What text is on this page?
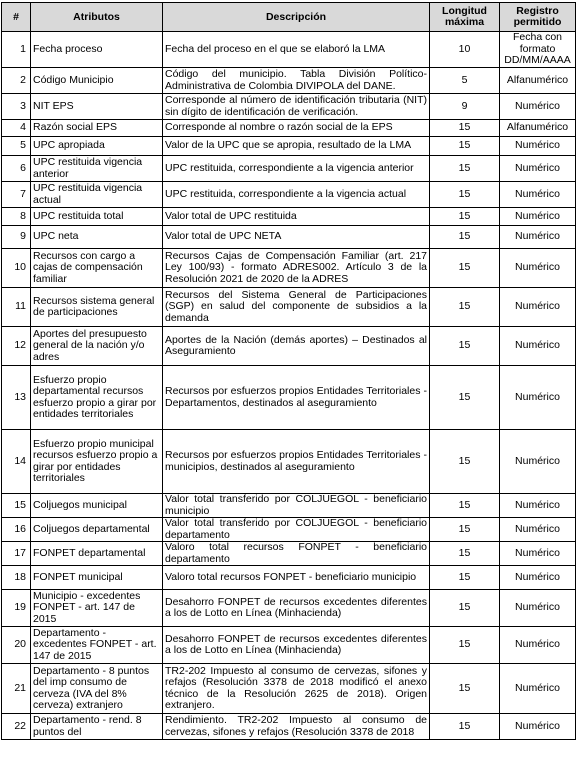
#	Atributos	Descripción	Longitud máxima	Registro permitido
1	Fecha proceso	Fecha del proceso en el que se elaboró la LMA	10	Fecha con formato DD/MM/AAAA
2	Código Municipio	Código del municipio. Tabla División Político-Administrativa de Colombia DIVIPOLA del DANE.	5	Alfanumérico
3	NIT EPS	Corresponde al número de identificación tributaria (NIT) sin dígito de identificación de verificación.	9	Numérico
4	Razón social EPS	Corresponde al nombre o razón social de la EPS	15	Alfanumérico
5	UPC apropiada	Valor de la UPC que se apropia, resultado de la LMA	15	Numérico
6	UPC restituida vigencia anterior	UPC restituida, correspondiente a la vigencia anterior	15	Numérico
7	UPC restituida vigencia actual	UPC restituida, correspondiente a la vigencia actual	15	Numérico
8	UPC restituida total	Valor total de UPC restituida	15	Numérico
9	UPC neta	Valor total de UPC NETA	15	Numérico
10	Recursos con cargo a cajas de compensación familiar	Recursos Cajas de Compensación Familiar (art. 217 Ley 100/93) - formato ADRES002. Artículo 3 de la Resolución 2021 de 2020 de la ADRES	15	Numérico
11	Recursos sistema general de participaciones	Recursos del Sistema General de Participaciones (SGP) en salud del componente de subsidios a la demanda	15	Numérico
12	Aportes del presupuesto general de la nación y/o adres	Aportes de la Nación (demás aportes) – Destinados al Aseguramiento	15	Numérico
13	Esfuerzo propio departamental recursos esfuerzo propio a girar por entidades territoriales	Recursos por esfuerzos propios Entidades Territoriales - Departamentos, destinados al aseguramiento	15	Numérico
14	Esfuerzo propio municipal recursos esfuerzo propio a girar por entidades territoriales	Recursos por esfuerzos propios Entidades Territoriales - municipios, destinados al aseguramiento	15	Numérico
15	Coljuegos municipal	Valor total transferido por COLJUEGOL - beneficiario municipio	15	Numérico
16	Coljuegos departamental	Valor total transferido por COLJUEGOL - beneficiario departamento	15	Numérico
17	FONPET departamental	Valoro total recursos FONPET - beneficiario departamento	15	Numérico
18	FONPET municipal	Valoro total recursos FONPET - beneficiario municipio	15	Numérico
19	Municipio - excedentes FONPET - art. 147 de 2015	Desahorro FONPET de recursos excedentes diferentes a los de Lotto en Línea (Minhacienda)	15	Numérico
20	Departamento - excedentes FONPET - art. 147 de 2015	Desahorro FONPET de recursos excedentes diferentes a los de Lotto en Línea (Minhacienda)	15	Numérico
21	Departamento - 8 puntos del imp consumo de cerveza (IVA del 8% cerveza) extranjero	TR2-202 Impuesto al consumo de cervezas, sifones y refajos (Resolución 3378 de 2018 modificó el anexo técnico de la Resolución 2625 de 2018). Origen extranjero.	15	Numérico
22	Departamento - rend. 8 puntos del	Rendimiento. TR2-202 Impuesto al consumo de cervezas, sifones y refajos (Resolución 3378 de 2018	15	Numérico
